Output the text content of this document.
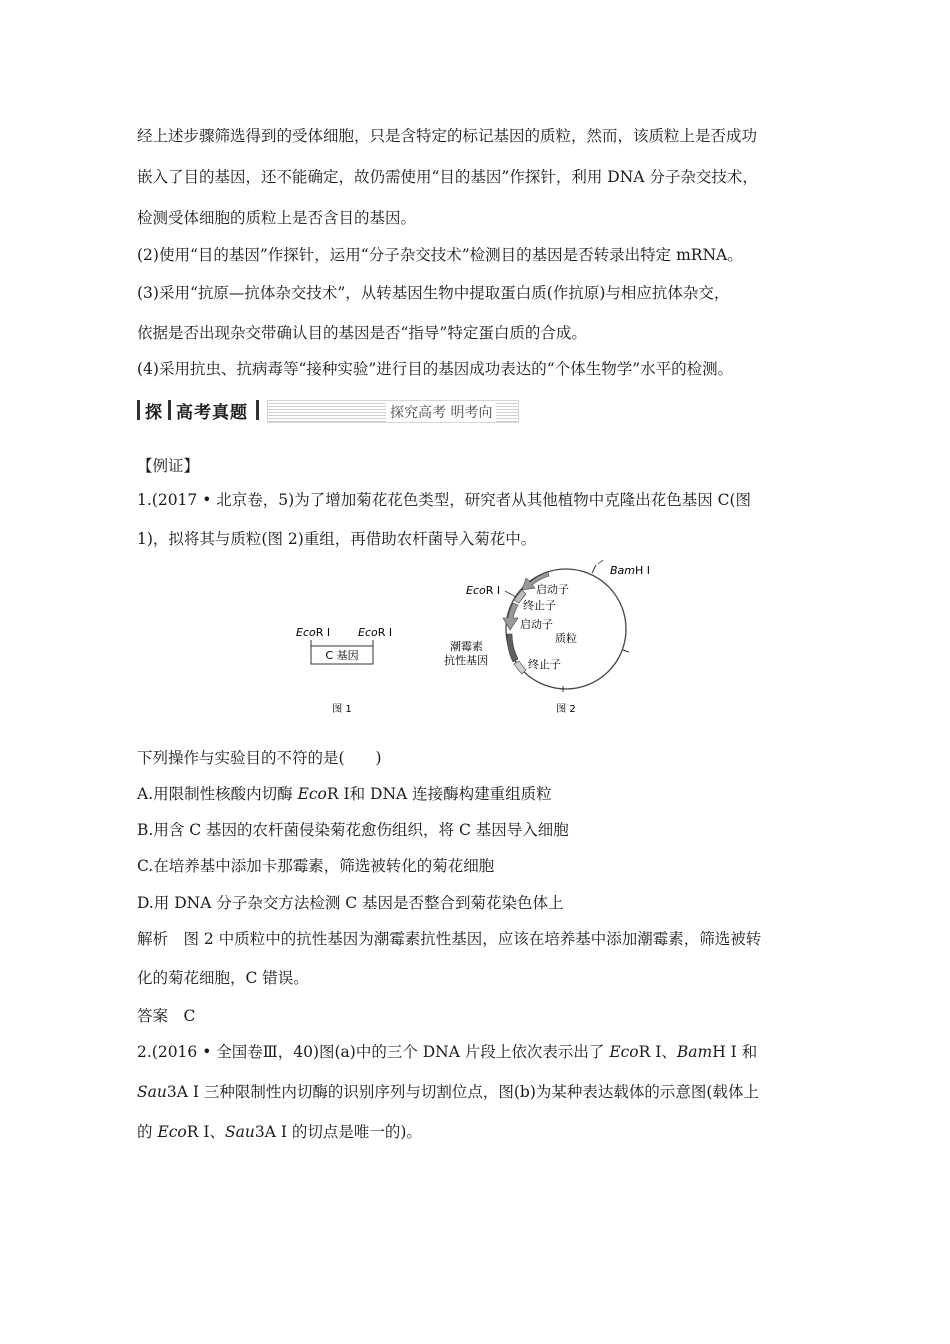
经上述步骤筛选得到的受体细胞，只是含特定的标记基因的质粒，然而，该质粒上是否成功
嵌入了目的基因，还不能确定，故仍需使用“目的基因”作探针，利用 DNA 分子杂交技术，
检测受体细胞的质粒上是否含目的基因。
(2)使用“目的基因”作探针，运用“分子杂交技术”检测目的基因是否转录出特定 mRNA。
(3)采用“抗原—抗体杂交技术”，从转基因生物中提取蛋白质(作抗原)与相应抗体杂交，
依据是否出现杂交带确认目的基因是否“指导”特定蛋白质的合成。
(4)采用抗虫、抗病毒等“接种实验”进行目的基因成功表达的“个体生物学”水平的检测。
探 高考真题	探究高考 明考向
【例证】
1.(2017 • 北京卷，5)为了增加菊花花色类型，研究者从其他植物中克隆出花色基因 C(图
1)，拟将其与质粒(图 2)重组，再借助农杆菌导入菊花中。
EcoR Ⅰ	EcoR Ⅰ
C 基因
图 1
BamH Ⅰ
EcoR Ⅰ	启动子
终止子
启动子
质粒
潮霉素
抗性基因	终止子
图 2
下列操作与实验目的不符的是(　　)
A.用限制性核酸内切酶 EcoR Ⅰ和 DNA 连接酶构建重组质粒
B.用含 C 基因的农杆菌侵染菊花愈伤组织，将 C 基因导入细胞
C.在培养基中添加卡那霉素，筛选被转化的菊花细胞
D.用 DNA 分子杂交方法检测 C 基因是否整合到菊花染色体上
解析　图 2 中质粒中的抗性基因为潮霉素抗性基因，应该在培养基中添加潮霉素，筛选被转
化的菊花细胞，C 错误。
答案　C
2.(2016 • 全国卷Ⅲ，40)图(a)中的三个 DNA 片段上依次表示出了 EcoR Ⅰ、BamH Ⅰ 和
Sau3A Ⅰ 三种限制性内切酶的识别序列与切割位点，图(b)为某种表达载体的示意图(载体上
的 EcoR Ⅰ、Sau3A Ⅰ 的切点是唯一的)。
